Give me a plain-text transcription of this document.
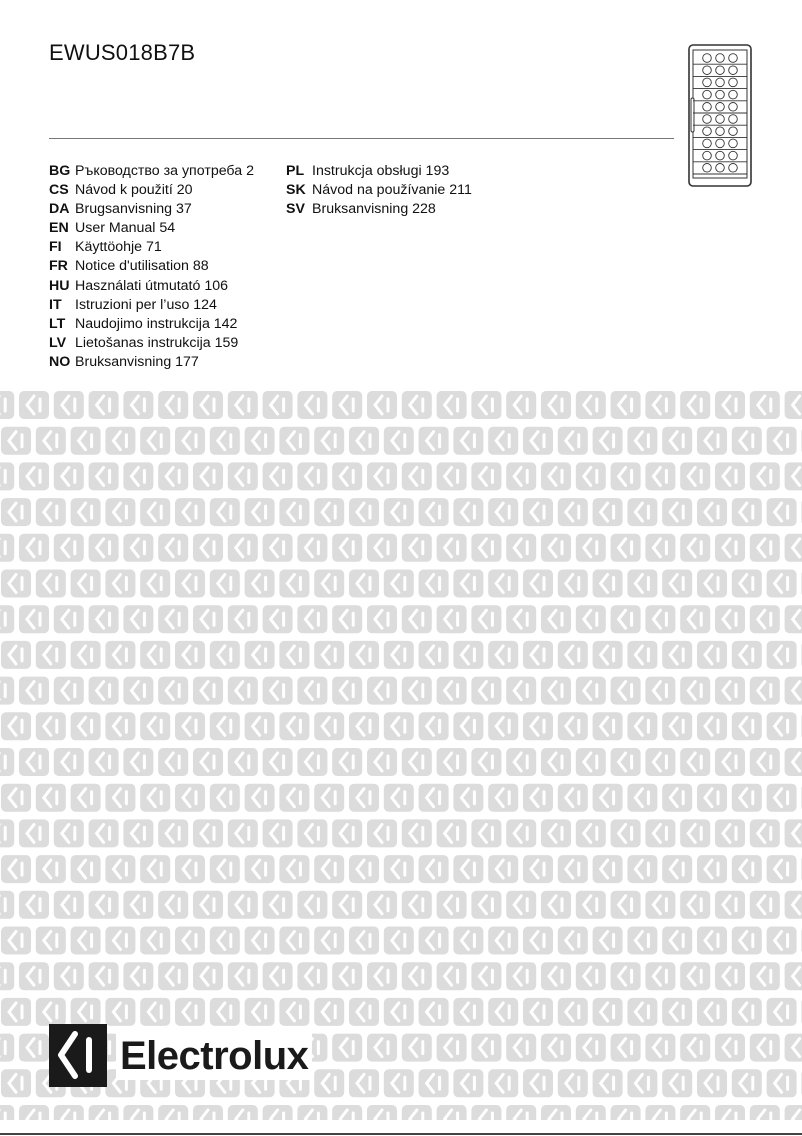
EWUS018B7B
BG Ръководство за употреба 2
CS Návod k použití 20
DA Brugsanvisning 37
EN User Manual 54
FI Käyttöohje 71
FR Notice d'utilisation 88
HU Használati útmutató 106
IT Istruzioni per l’uso 124
LT Naudojimo instrukcija 142
LV Lietošanas instrukcija 159
NO Bruksanvisning 177
PL Instrukcja obsługi 193
SK Návod na používanie 211
SV Bruksanvisning 228
Electrolux
